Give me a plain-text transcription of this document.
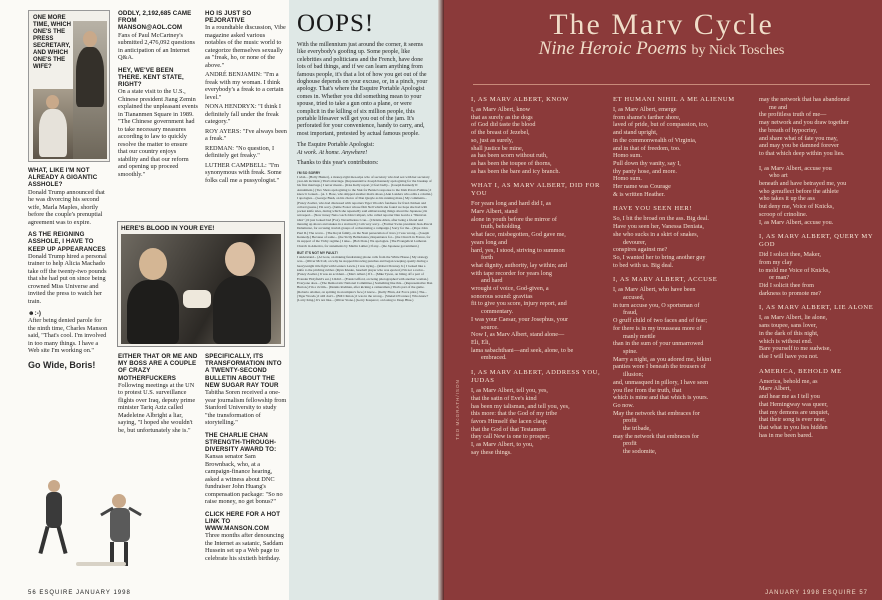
ONE MORE TIME, WHICH ONE'S THE PRESS SECRETARY, AND WHICH ONE'S THE WIFE?
WHAT, LIKE I'M NOT ALREADY A GIGANTIC ASSHOLE?
Donald Trump announced that he was divorcing his second wife, Marla Maples, shortly before the couple's prenuptial agreement was to expire.
AS THE REIGNING ASSHOLE, I HAVE TO KEEP UP APPEARANCES
Donald Trump hired a personal trainer to help Alicia Machado take off the twenty-two pounds that she had put on since being crowned Miss Universe and invited the press to watch her train.
☻:-)
After being denied parole for the ninth time, Charles Manson said, "That's cool. I'm involved in too many things. I have a Web site I'm working on."
Go Wide, Boris!
ODDLY, 2,192,685 CAME FROM MANSON@AOL.COM
Fans of Paul McCartney's submitted 2,476,092 questions in anticipation of an Internet Q&A.
HEY, WE'VE BEEN THERE. KENT STATE, RIGHT?
On a state visit to the U.S., Chinese president Jiang Zemin explained the unpleasant events in Tiananmen Square in 1989. "The Chinese government had to take necessary measures according to law to quickly resolve the matter to ensure that our country enjoys stability and that our reform and opening up proceed smoothly."
HERE'S BLOOD IN YOUR EYE!
EITHER THAT OR ME AND MY BOSS ARE A COUPLE OF CRAZY MOTHERFUCKERS
Following meetings at the UN to protest U.S. surveillance flights over Iraq, deputy prime minister Tariq Aziz called Madeleine Albright a liar, saying, "I hoped she wouldn't be, but unfortunately she is."
HO IS JUST SO PEJORATIVE
In a roundtable discussion, Vibe magazine asked various notables of the music world to categorize themselves sexually as "freak, ho, or none of the above."
ANDRÉ BENJAMIN: "I'm a freak with my woman. I think everybody's a freak to a certain level."
NONA HENDRYX: "I think I definitely fall under the freak category."
ROY AYERS: "I've always been a freak."
REDMAN: "No question, I definitely get freaky."
LUTHER CAMPBELL: "I'm synonymous with freak. Some folks call me a pussyologist."
SPECIFICALLY, ITS TRANSFORMATION INTO A TWENTY-SECOND BULLETIN ABOUT THE NEW SUGAR RAY TOUR
Tabitha Soren received a one-year journalism fellowship from Stanford University to study "the transformation of storytelling."
THE CHARLIE CHAN STRENGTH-THROUGH-DIVERSITY AWARD TO:
Kansas senator Sam Brownback, who, at a campaign-finance hearing, asked a witness about DNC fundraiser John Huang's compensation package: "So no raise money, no get bonus?"
CLICK HERE FOR A HOT LINK TO WWW.MANSON.COM
Three months after denouncing the Internet as satanic, Saddam Hussein set up a Web page to celebrate his sixtieth birthday.
OOPS!
With the millennium just around the corner, it seems like everybody's goofing up. Some people, like celebrities and politicians and the French, have done lots of bad things, and if we can learn anything from famous people, it's that a lot of how you get out of the doghouse depends on your excuse, or, in a pinch, your apology. That's where the Esquire Portable Apologist comes in. Whether you did something mean to your spouse, tried to take a gun onto a plane, or were complicit in the killing of six million people, this portable lifesaver will get you out of the jam. It's perforated for your convenience, handy to carry, and, most important, pretested by actual famous people.
The Esquire Portable Apologist:
At work. At home. Anywhere!
Thanks to this year's contributors:
I'M SO SORRY
I wish... (Holly Hunter), a money-right mea-ulpa who of secretary who had sex with her secretary year-ish incident.) That's marriage. (Representative Joseph Kennedy apologizing for the breakup of his first marriage.) I never meant... (Kiss Kelly report.) I feel badly... (Joseph Kennedy II Annulment.) (Two Shots apologizing to the Sisk for Betsie's response to the Irish Potato Famine.) I know it looked... (A. J. Bose, who shipped another man's shoes.) Ann Landers who edits a column.) I apologize... (George Bush, on his choice of Dan Quayle as his running mate.) My comments... (Fuzzy Zoeller, who had discussed with reporters Tiger Woods's fondness for fried chicken and collard greens.) I'm sorry. (Jamie Foster whose film Nell which she found we hope she had with pocket knife tales, during which she repeatedly said embarrassing things about the Japanese.) In retrospect... (New Jersey Nets coach John Calipari, who called reporter Dan Garcia a "Mexican idiot".) It just looked bad (Fox). Nevertheless I can... (Christie Allen, after being a friend and messing up shows and snakes in a stairwell.) I am very sorry... (Former Swiss president Jean-Pascal Delamuraz, for accusing Jewish groups of orchestrating a campaign.) Sorry for the... (Pope John Paul II.) The worst... (The Royal family, on the Nazi persecution of Jews.) I was wrong... (Joseph Kennedy.) Because of some... (the Sicily Belladonna.) Repentance for... (the Church in France, for its support of the Vichy regime.) I take... (Bob Dole.) We apologize. (The Evangelical Lutheran Church in America, for statements by Martin Luther.) If any... (the Japanese government.)
BUT IT'S NOT MY FAULT!
I understand... (Al Gore, on making fundraising phone calls from the White House.) My strategy was... (Oliver McCall, on why he stopped throwing punches and began weeping openly during a heavyweight title fight with Lennox Lewis.) I was trying... (Robert Downey Jr.) I looked like a knife to the pitching rubber. (Ryan Klesko, baseball player who was ejected.) I'm not a racist... (Fuzzy Zoeller.) It was an accident... (Marv Albert.) If I... (Mike Tyson, on biting off a part of Evander Holyfield's ear.) I didn't... (Frank Gifford, on being photographed with another woman.) Everyone does... (The Democratic National Committee.) Something like this... (Representative Dan Burton.) I'm a victim... (Dennis Rodman, after kicking a cameraman.) That's part of the game. (Roberto Alomar, on spitting in an umpire's face.) I know... (Kelly Flinn, Air Force pilot.) The... (Tiger Woods.) I still don't... (Bill Clinton.) I was in the wrong... (Sinéad O'Connor.) Who knew? (Larry King.) It's not like... (Oliver Stone.) (Gerry Kasparov, on losing to Deep Blue.)
56 ESQUIRE JANUARY 1998
The Marv Cycle
Nine Heroic Poems by Nick Tosches
I, AS MARV ALBERT, KNOW
I, as Marv Albert, know
that as surely as the dogs
of God did taste the blood
of the breast of Jezebel,
so, just as surely,
shall justice be mine,
as has been scorn without ruth,
as has been the toupee of thorns,
as has been the bare and icy branch.
WHAT I, AS MARV ALBERT, DID FOR YOU
For years long and hard did I, as
Marv Albert, stand
alone in youth before the mirror of
truth, beholding
what face, misbegotten, God gave me,
years long and
hard, yes, I stood, striving to summon
forth
what dignity, authority, lay within; and
with tape recorder for years long
and hard
wrought of voice, God-given, a
sonorous sound: gravitas
fit to give you score, injury report, and
commentary.
I was your Caesar, your Josephus, your
source.
Now I, as Marv Albert, stand alone—
Eli, Eli,
lama sabachthani—and seek, alone, to be
embraced.
I, AS MARV ALBERT, ADDRESS YOU, JUDAS
I, as Marv Albert, tell you, yes,
that the satin of Eve's kind
has been my talisman, and tell you, yes,
this more: that the God of my tribe
favors Himself the lacen clasp;
that the God of that Testament
they call New is one to prosper;
I, as Marv Albert, to you,
say these things.
ET HUMANI NIHIL A ME ALIENUM
I, as Marv Albert, emerge
from shame's farther shore,
laved of pride, but of compassion, too,
and stand upright,
in the commonwealth of Virginia,
and in that of freedom, too.
Homo sum.
Pull down thy vanity, say I,
thy panty hose, and more.
Homo sum.
Her name was Courage
& is written Heather.
HAVE YOU SEEN HER!
So, I bit the broad on the ass. Big deal.
Have you seen her, Vanessa Deniata,
she who sucks in a skirt of snakes,
devourer,
conspires against me?
So, I wanted her to bring another guy
to bed with us. Big deal.
I, AS MARV ALBERT, ACCUSE
I, as Marv Albert, who have been
accused,
in turn accuse you, O sportsman of
fraud,
O gruff child of two faces and of fear;
for there is in my trousseau more of
manly mettle
than in the sum of your unmarrowed
spine.
Marry a night, as you adored me, bikini
panties wore I beneath the trousers of
illusion;
and, unmasqued in pillory, I have seen
you flee from the truth, that
which is mine and that which is yours.
Go now.
May the network that embraces for
profit
the tribade,
may the network that embraces for
profit
the sodomite,
may the network that has abandoned
me and
the profitless truth of me—
may network and you draw together
the breath of hypocrisy,
and share what of fate you may,
and may you be damned forever
to that which deep within you lies.
I, as Marv Albert, accuse you
who art
beneath and have betrayed me, you
who genuflect before the athlete
who takes it up the ass
but deny me, Voice of Knicks,
scroop of crinoline.
I, as Marv Albert, accuse you.
I, AS MARV ALBERT, QUERY MY GOD
Did I solicit thee, Maker,
from my clay
to mold me Voice of Knicks,
or man?
Did I solicit thee from
darkness to promote me?
I, AS MARV ALBERT, LIE ALONE
I, as Marv Albert, lie alone,
sans toupee, sans lover,
in the dark of this night,
which is without end.
Bare yourself to me sudwise,
else I will have you not.
AMERICA, BEHOLD ME
America, behold me, as
Marv Albert,
and hear me as I tell you
that Hemingway was queer,
that my demons are unquiet,
that their song is ever near,
that what in you lies hidden
has in me been bared.
TED McGRATH/ISON
JANUARY 1998 ESQUIRE 57
